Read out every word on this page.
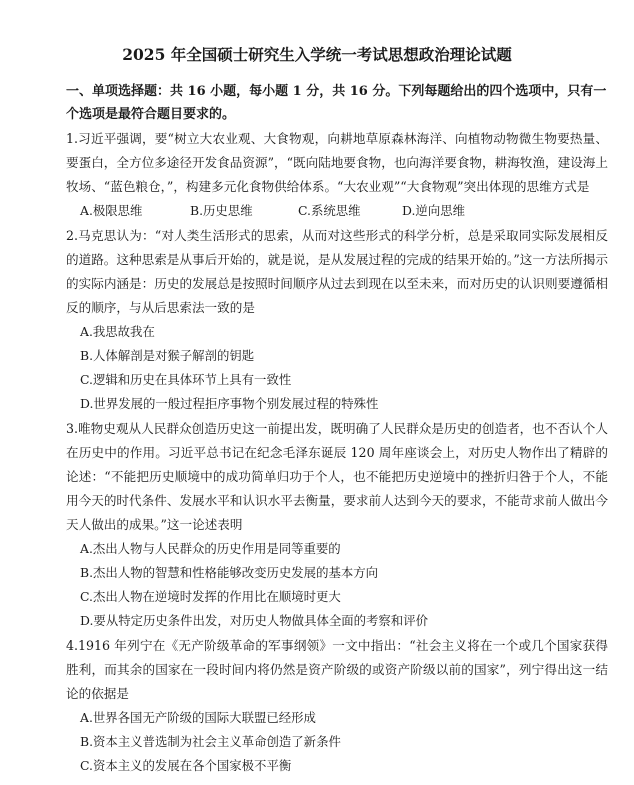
2025 年全国硕士研究生入学统一考试思想政治理论试题
一、单项选择题：共 16 小题，每小题 1 分，共 16 分。下列每题给出的四个选项中，只有一个选项是最符合题目要求的。
1.习近平强调，要“树立大农业观、大食物观，向耕地草原森林海洋、向植物动物微生物要热量、要蛋白，全方位多途径开发食品资源”，“既向陆地要食物，也向海洋要食物，耕海牧渔，建设海上牧场、“蓝色粮仓，”，构建多元化食物供给体系。“大农业观”“大食物观”突出体现的思维方式是
A.极限思维	B.历史思维	C.系统思维	D.逆向思维
2.马克思认为：“对人类生活形式的思索，从而对这些形式的科学分析，总是采取同实际发展相反的道路。这种思索是从事后开始的，就是说，是从发展过程的完成的结果开始的。”这一方法所揭示的实际内涵是：历史的发展总是按照时间顺序从过去到现在以至未来，而对历史的认识则要遵循相反的顺序，与从后思索法一致的是
A.我思故我在
B.人体解剖是对猴子解剖的钥匙
C.逻辑和历史在具体环节上具有一致性
D.世界发展的一般过程拒序事物个别发展过程的特殊性
3.唯物史观从人民群众创造历史这一前提出发，既明确了人民群众是历史的创造者，也不否认个人在历史中的作用。习近平总书记在纪念毛泽东诞辰 120 周年座谈会上，对历史人物作出了精辟的论述：“不能把历史顺境中的成功简单归功于个人，也不能把历史逆境中的挫折归咎于个人，不能用今天的时代条件、发展水平和认识水平去衡量，要求前人达到今天的要求，不能苛求前人做出今天人做出的成果。”这一论述表明
A.杰出人物与人民群众的历史作用是同等重要的
B.杰出人物的智慧和性格能够改变历史发展的基本方向
C.杰出人物在逆境时发挥的作用比在顺境时更大
D.要从特定历史条件出发，对历史人物做具体全面的考察和评价
4.1916 年列宁在《无产阶级革命的军事纲领》一文中指出：“社会主义将在一个或几个国家获得胜利，而其余的国家在一段时间内将仍然是资产阶级的或资产阶级以前的国家”，列宁得出这一结论的依据是
A.世界各国无产阶级的国际大联盟已经形成
B.资本主义普选制为社会主义革命创造了新条件
C.资本主义的发展在各个国家极不平衡
